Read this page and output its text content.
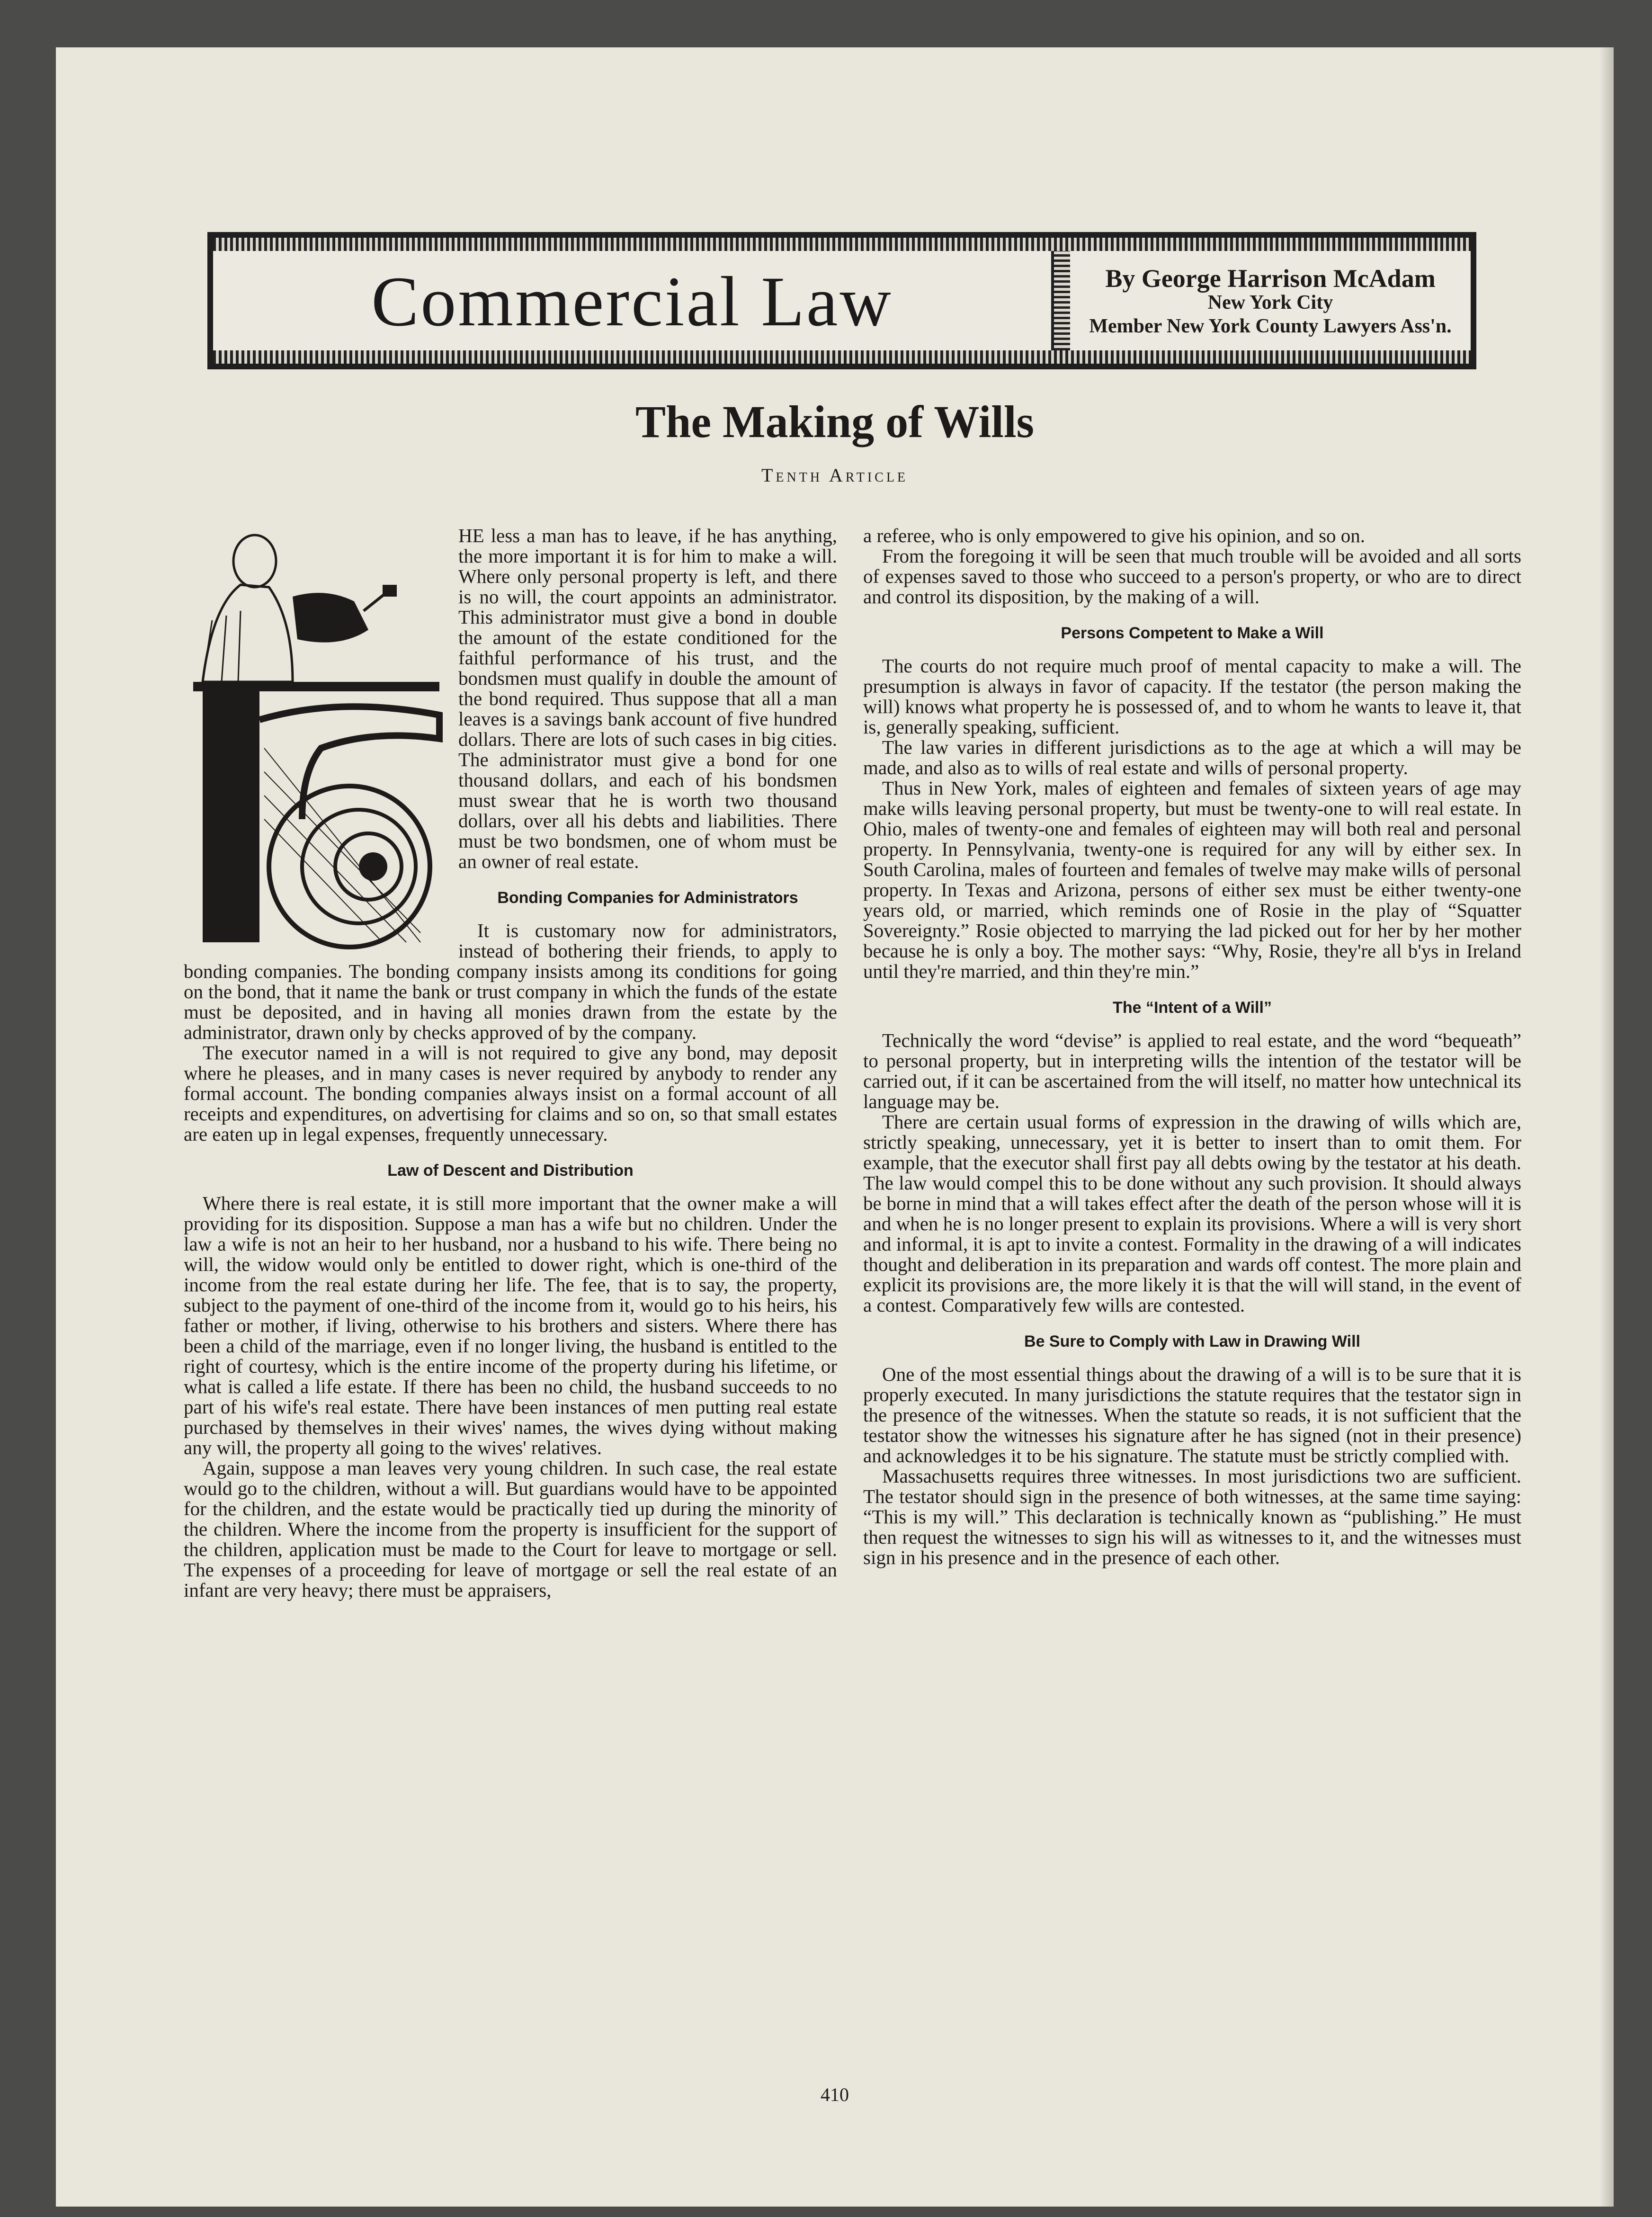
Commercial Law	By George Harrison McAdam
New York City
Member New York County Lawyers Ass'n.
The Making of Wills
Tenth Article
T

HE less a man has to leave, if he has anything, the more important it is for him to make a will. Where only personal property is left, and there is no will, the court appoints an administrator. This administrator must give a bond in double the amount of the estate conditioned for the faithful performance of his trust, and the bondsmen must qualify in double the amount of the bond required. Thus suppose that all a man leaves is a savings bank account of five hundred dollars. There are lots of such cases in big cities. The administrator must give a bond for one thousand dollars, and each of his bondsmen must swear that he is worth two thousand dollars, over all his debts and liabilities. There must be two bondsmen, one of whom must be an owner of real estate.

Bonding Companies for Administrators

It is customary now for administrators, instead of bothering their friends, to apply to bonding companies. The bonding company insists among its conditions for going on the bond, that it name the bank or trust company in which the funds of the estate must be deposited, and in having all monies drawn from the estate by the administrator, drawn only by checks approved of by the company.

The executor named in a will is not required to give any bond, may deposit where he pleases, and in many cases is never required by anybody to render any formal account. The bonding companies always insist on a formal account of all receipts and expenditures, on advertising for claims and so on, so that small estates are eaten up in legal expenses, frequently unnecessary.

Law of Descent and Distribution

Where there is real estate, it is still more important that the owner make a will providing for its disposition. Suppose a man has a wife but no children. Under the law a wife is not an heir to her husband, nor a husband to his wife. There being no will, the widow would only be entitled to dower right, which is one-third of the income from the real estate during her life. The fee, that is to say, the property, subject to the payment of one-third of the income from it, would go to his heirs, his father or mother, if living, otherwise to his brothers and sisters. Where there has been a child of the marriage, even if no longer living, the husband is entitled to the right of courtesy, which is the entire income of the property during his lifetime, or what is called a life estate. If there has been no child, the husband succeeds to no part of his wife's real estate. There have been instances of men putting real estate purchased by themselves in their wives' names, the wives dying without making any will, the property all going to the wives' relatives.

Again, suppose a man leaves very young children. In such case, the real estate would go to the children, without a will. But guardians would have to be appointed for the children, and the estate would be practically tied up during the minority of the children. Where the income from the property is insufficient for the support of the children, application must be made to the Court for leave to mortgage or sell. The expenses of a proceeding for leave of mortgage or sell the real estate of an infant are very heavy; there must be appraisers,

a referee, who is only empowered to give his opinion, and so on.

From the foregoing it will be seen that much trouble will be avoided and all sorts of expenses saved to those who succeed to a person's property, or who are to direct and control its disposition, by the making of a will.

Persons Competent to Make a Will

The courts do not require much proof of mental capacity to make a will. The presumption is always in favor of capacity. If the testator (the person making the will) knows what property he is possessed of, and to whom he wants to leave it, that is, generally speaking, sufficient.

The law varies in different jurisdictions as to the age at which a will may be made, and also as to wills of real estate and wills of personal property.

Thus in New York, males of eighteen and females of sixteen years of age may make wills leaving personal property, but must be twenty-one to will real estate. In Ohio, males of twenty-one and females of eighteen may will both real and personal property. In Pennsylvania, twenty-one is required for any will by either sex. In South Carolina, males of fourteen and females of twelve may make wills of personal property. In Texas and Arizona, persons of either sex must be either twenty-one years old, or married, which reminds one of Rosie in the play of “Squatter Sovereignty.” Rosie objected to marrying the lad picked out for her by her mother because he is only a boy. The mother says: “Why, Rosie, they're all b'ys in Ireland until they're married, and thin they're min.”

The “Intent of a Will”

Technically the word “devise” is applied to real estate, and the word “bequeath” to personal property, but in interpreting wills the intention of the testator will be carried out, if it can be ascertained from the will itself, no matter how untechnical its language may be.

There are certain usual forms of expression in the drawing of wills which are, strictly speaking, unnecessary, yet it is better to insert than to omit them. For example, that the executor shall first pay all debts owing by the testator at his death. The law would compel this to be done without any such provision. It should always be borne in mind that a will takes effect after the death of the person whose will it is and when he is no longer present to explain its provisions. Where a will is very short and informal, it is apt to invite a contest. Formality in the drawing of a will indicates thought and deliberation in its preparation and wards off contest. The more plain and explicit its provisions are, the more likely it is that the will will stand, in the event of a contest. Comparatively few wills are contested.

Be Sure to Comply with Law in Drawing Will

One of the most essential things about the drawing of a will is to be sure that it is properly executed. In many jurisdictions the statute requires that the testator sign in the presence of the witnesses. When the statute so reads, it is not sufficient that the testator show the witnesses his signature after he has signed (not in their presence) and acknowledges it to be his signature. The statute must be strictly complied with.

Massachusetts requires three witnesses. In most jurisdictions two are sufficient. The testator should sign in the presence of both witnesses, at the same time saying: “This is my will.” This declaration is technically known as “publishing.” He must then request the witnesses to sign his will as witnesses to it, and the witnesses must sign in his presence and in the presence of each other.

410
